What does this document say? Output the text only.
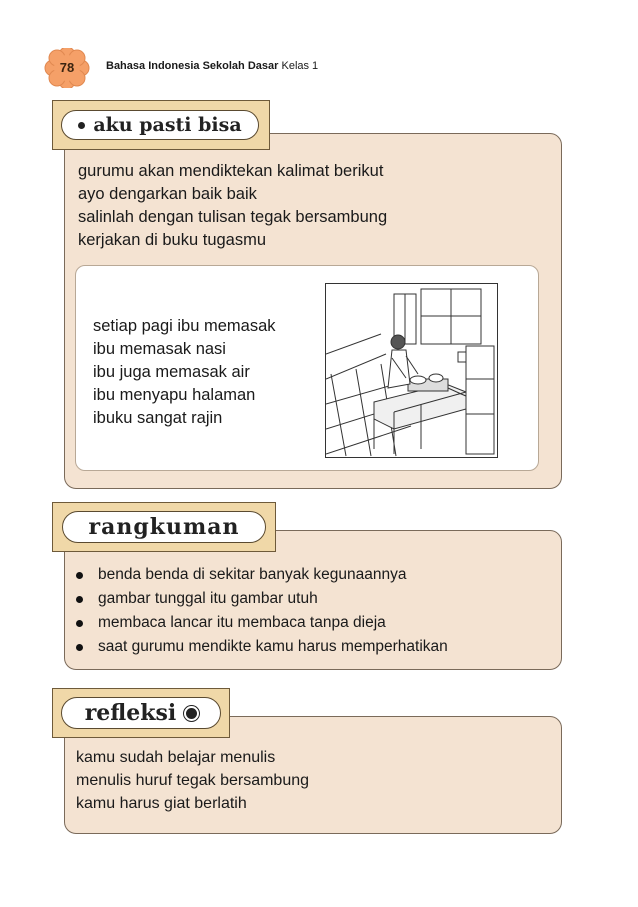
78	Bahasa Indonesia Sekolah Dasar Kelas 1
aku pasti bisa
gurumu akan mendiktekan kalimat berikut
ayo dengarkan baik baik
salinlah dengan tulisan tegak bersambung
kerjakan di buku tugasmu
setiap pagi ibu memasak
ibu memasak nasi
ibu juga memasak air
ibu menyapu halaman
ibuku sangat rajin
rangkuman
benda benda di sekitar banyak kegunaannya
gambar tunggal itu gambar utuh
membaca lancar itu membaca tanpa dieja
saat gurumu mendikte kamu harus memperhatikan
refleksi
kamu sudah belajar menulis
menulis huruf tegak bersambung
kamu harus giat berlatih
